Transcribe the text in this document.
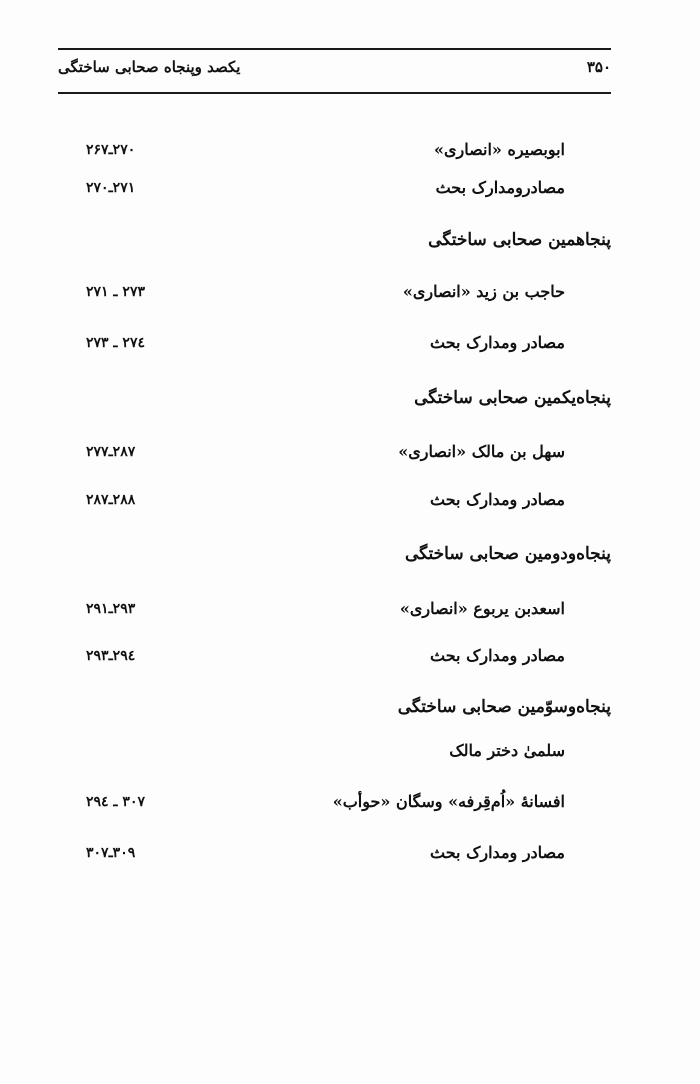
یکصد وپنجاه صحابی ساختگی	۳۵۰
ابوبصیره «انصاری»
۲۷۰ـ۲۶۷
مصادرومدارک بحث
۲۷۱ـ۲۷۰
پنجاهمین صحابی ساختگی
حاجب بن زید «انصاری»
۲۷۳ ـ ۲۷۱
مصادر ومدارک بحث
۲۷٤ ـ ۲۷۳
پنجاه‌یکمین صحابی ساختگی
سهل بن مالک «انصاری»
۲۸۷ـ۲۷۷
مصادر ومدارک بحث
۲۸۸ـ۲۸۷
پنجاه‌ودومین صحابی ساختگی
اسعدبن یربوع «انصاری»
۲۹۳ـ۲۹۱
مصادر ومدارک بحث
۲۹٤ـ۲۹۳
پنجاه‌وسوّمین صحابی ساختگی
سلمیٰ دختر مالک
افسانۀ «اُم‌قِرفه» وسگان «حوأب»
۳۰۷ ـ ۲۹٤
مصادر ومدارک بحث
۳۰۹ـ۳۰۷
